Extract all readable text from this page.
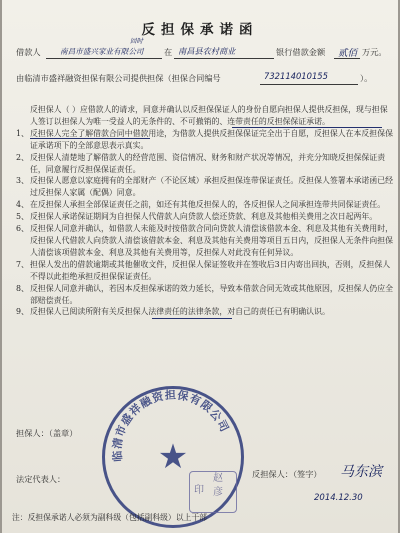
反担保承诺函
借款人	南昌市盛兴家业有限公司
回时
在 南昌县农村商业	银行借款金额	贰佰 万元。
由临清市盛祥融资担保有限公司提供担保（担保合同编号	732114010155	）。
反担保人（ ）应借款人的请求，同意并确认以反担保保证人的身份自愿向担保人提供反担保，现与担保人签订以担保人为唯一受益人的无条件的、不可撤销的、连带责任的反担保保证承诺。
1、 反担保人完全了解借款合同中借款用途，为借款人提供反担保保证完全出于自愿，反担保人在本反担保保证承诺项下的全部意思表示真实。
2、 反担保人清楚地了解借款人的经营范围、资信情况、财务和财产状况等情况，并充分知晓反担保保证责任，同意履行反担保保证责任。
3、 反担保人愿意以家庭拥有的全部财产（不论区域）承担反担保连带保证责任。反担保人签署本承诺函已经过反担保人家属（配偶）同意。
4、 在反担保人承担全部保证责任之前，如还有其他反担保人的，各反担保人之间承担连带共同保证责任。
5、 反担保人承诺保证期间为自担保人代借款人向贷款人偿还贷款、利息及其他相关费用之次日起两年。
6、 反担保人同意并确认，如借款人未能及时按借款合同向贷款人清偿该借款本金、利息及其他有关费用时，反担保人代借款人向贷款人清偿该借款本金、利息及其他有关费用等项目五日内，反担保人无条件向担保人清偿该项借款本金、利息及其他有关费用等，反担保人对此没有任何异议。
7、 担保人发出的借款逾期或其他催收文件，反担保人保证签收并在签收后3日内寄出回执，否则，反担保人不得以此拒绝承担反担保保证责任。
8、 反担保人同意并确认，若因本反担保承诺的效力延长，导致本借款合同无效或其他原因，反担保人仍应全部赔偿责任。
9、 反担保人已阅读所附有关反担保人法律责任的法律条款，对自己的责任已有明确认识。
临清市盛祥融资担保有限公司
★
担保人：（盖章）
法定代表人：	反担保人：（签字）	马东滨
2014.12.30
印
赵彦
注：反担保承诺人必须为副科级（包括副科级）以上干部
